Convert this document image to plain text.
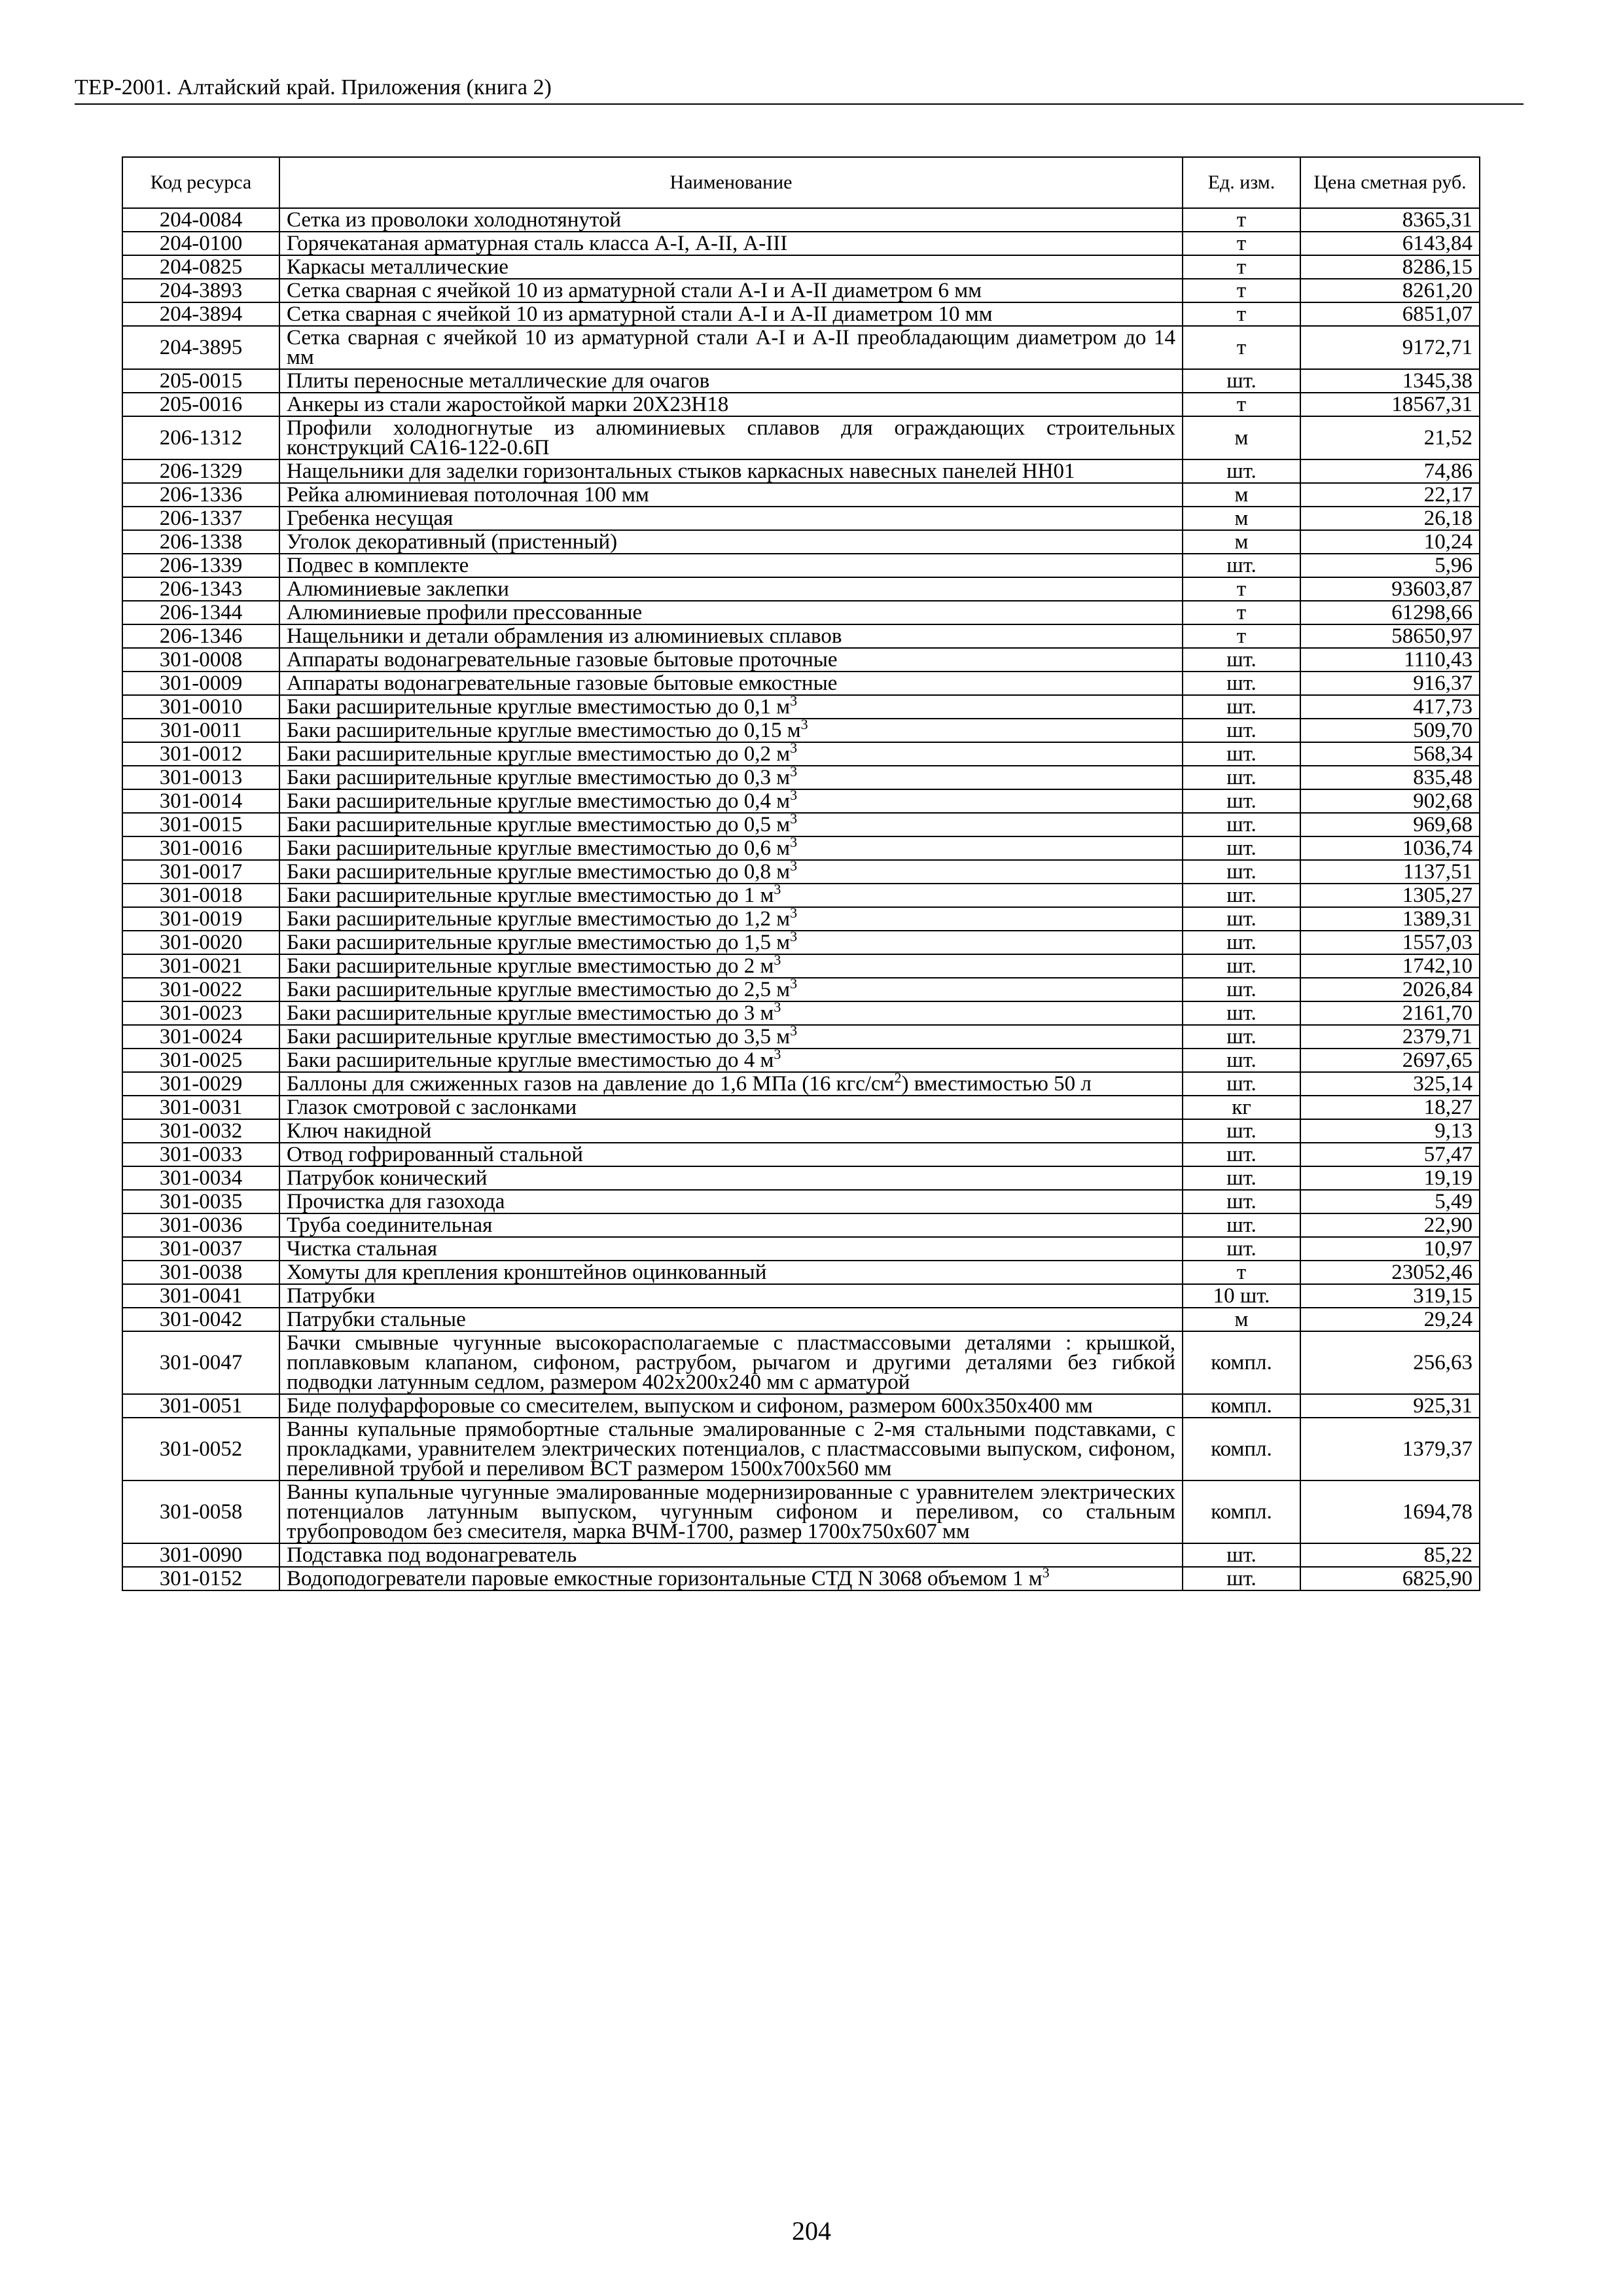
ТЕР-2001. Алтайский край. Приложения (книга 2)
Код ресурса	Наименование	Ед. изм.	Цена сметная руб.
204-0084	Сетка из проволоки холоднотянутой	т	8365,31
204-0100	Горячекатаная арматурная сталь класса А-I, А-II, А-III	т	6143,84
204-0825	Каркасы металлические	т	8286,15
204-3893	Сетка сварная с ячейкой 10 из арматурной стали А-I и А-II диаметром 6 мм	т	8261,20
204-3894	Сетка сварная с ячейкой 10 из арматурной стали А-I и А-II диаметром 10 мм	т	6851,07
204-3895	Сетка сварная с ячейкой 10 из арматурной стали А-I и А-II преобладающим диаметром до 14 мм	т	9172,71
205-0015	Плиты переносные металлические для очагов	шт.	1345,38
205-0016	Анкеры из стали жаростойкой марки 20Х23Н18	т	18567,31
206-1312	Профили холодногнутые из алюминиевых сплавов для ограждающих строительных конструкций СА16-122-0.6П	м	21,52
206-1329	Нащельники для заделки горизонтальных стыков каркасных навесных панелей НН01	шт.	74,86
206-1336	Рейка алюминиевая потолочная 100 мм	м	22,17
206-1337	Гребенка несущая	м	26,18
206-1338	Уголок декоративный (пристенный)	м	10,24
206-1339	Подвес в комплекте	шт.	5,96
206-1343	Алюминиевые заклепки	т	93603,87
206-1344	Алюминиевые профили прессованные	т	61298,66
206-1346	Нащельники и детали обрамления из алюминиевых сплавов	т	58650,97
301-0008	Аппараты водонагревательные газовые бытовые проточные	шт.	1110,43
301-0009	Аппараты водонагревательные газовые бытовые емкостные	шт.	916,37
301-0010	Баки расширительные круглые вместимостью до 0,1 $м^3$	шт.	417,73
301-0011	Баки расширительные круглые вместимостью до 0,15 $м^3$	шт.	509,70
301-0012	Баки расширительные круглые вместимостью до 0,2 $м^3$	шт.	568,34
301-0013	Баки расширительные круглые вместимостью до 0,3 $м^3$	шт.	835,48
301-0014	Баки расширительные круглые вместимостью до 0,4 $м^3$	шт.	902,68
301-0015	Баки расширительные круглые вместимостью до 0,5 $м^3$	шт.	969,68
301-0016	Баки расширительные круглые вместимостью до 0,6 $м^3$	шт.	1036,74
301-0017	Баки расширительные круглые вместимостью до 0,8 $м^3$	шт.	1137,51
301-0018	Баки расширительные круглые вместимостью до 1 $м^3$	шт.	1305,27
301-0019	Баки расширительные круглые вместимостью до 1,2 $м^3$	шт.	1389,31
301-0020	Баки расширительные круглые вместимостью до 1,5 $м^3$	шт.	1557,03
301-0021	Баки расширительные круглые вместимостью до 2 $м^3$	шт.	1742,10
301-0022	Баки расширительные круглые вместимостью до 2,5 $м^3$	шт.	2026,84
301-0023	Баки расширительные круглые вместимостью до 3 $м^3$	шт.	2161,70
301-0024	Баки расширительные круглые вместимостью до 3,5 $м^3$	шт.	2379,71
301-0025	Баки расширительные круглые вместимостью до 4 $м^3$	шт.	2697,65
301-0029	Баллоны для сжиженных газов на давление до 1,6 МПа (16 кгс/$см^2$) вместимостью 50 л	шт.	325,14
301-0031	Глазок смотровой с заслонками	кг	18,27
301-0032	Ключ накидной	шт.	9,13
301-0033	Отвод гофрированный стальной	шт.	57,47
301-0034	Патрубок конический	шт.	19,19
301-0035	Прочистка для газохода	шт.	5,49
301-0036	Труба соединительная	шт.	22,90
301-0037	Чистка стальная	шт.	10,97
301-0038	Хомуты для крепления кронштейнов оцинкованный	т	23052,46
301-0041	Патрубки	10 шт.	319,15
301-0042	Патрубки стальные	м	29,24
301-0047	Бачки смывные чугунные высокорасполагаемые с пластмассовыми деталями : крышкой, поплавковым клапаном, сифоном, раструбом, рычагом и другими деталями без гибкой подводки латунным седлом, размером 402х200х240 мм с арматурой	компл.	256,63
301-0051	Биде полуфарфоровые со смесителем, выпуском и сифоном, размером 600х350х400 мм	компл.	925,31
301-0052	Ванны купальные прямобортные стальные эмалированные с 2-мя стальными подставками, с прокладками, уравнителем электрических потенциалов, с пластмассовыми выпуском, сифоном, переливной трубой и переливом ВСТ размером 1500х700х560 мм	компл.	1379,37
301-0058	Ванны купальные чугунные эмалированные модернизированные с уравнителем электрических потенциалов латунным выпуском, чугунным сифоном и переливом, со стальным трубопроводом без смесителя, марка ВЧМ-1700, размер 1700х750х607 мм	компл.	1694,78
301-0090	Подставка под водонагреватель	шт.	85,22
301-0152	Водоподогреватели паровые емкостные горизонтальные СТД N 3068 объемом 1 $м^3$	шт.	6825,90
204
